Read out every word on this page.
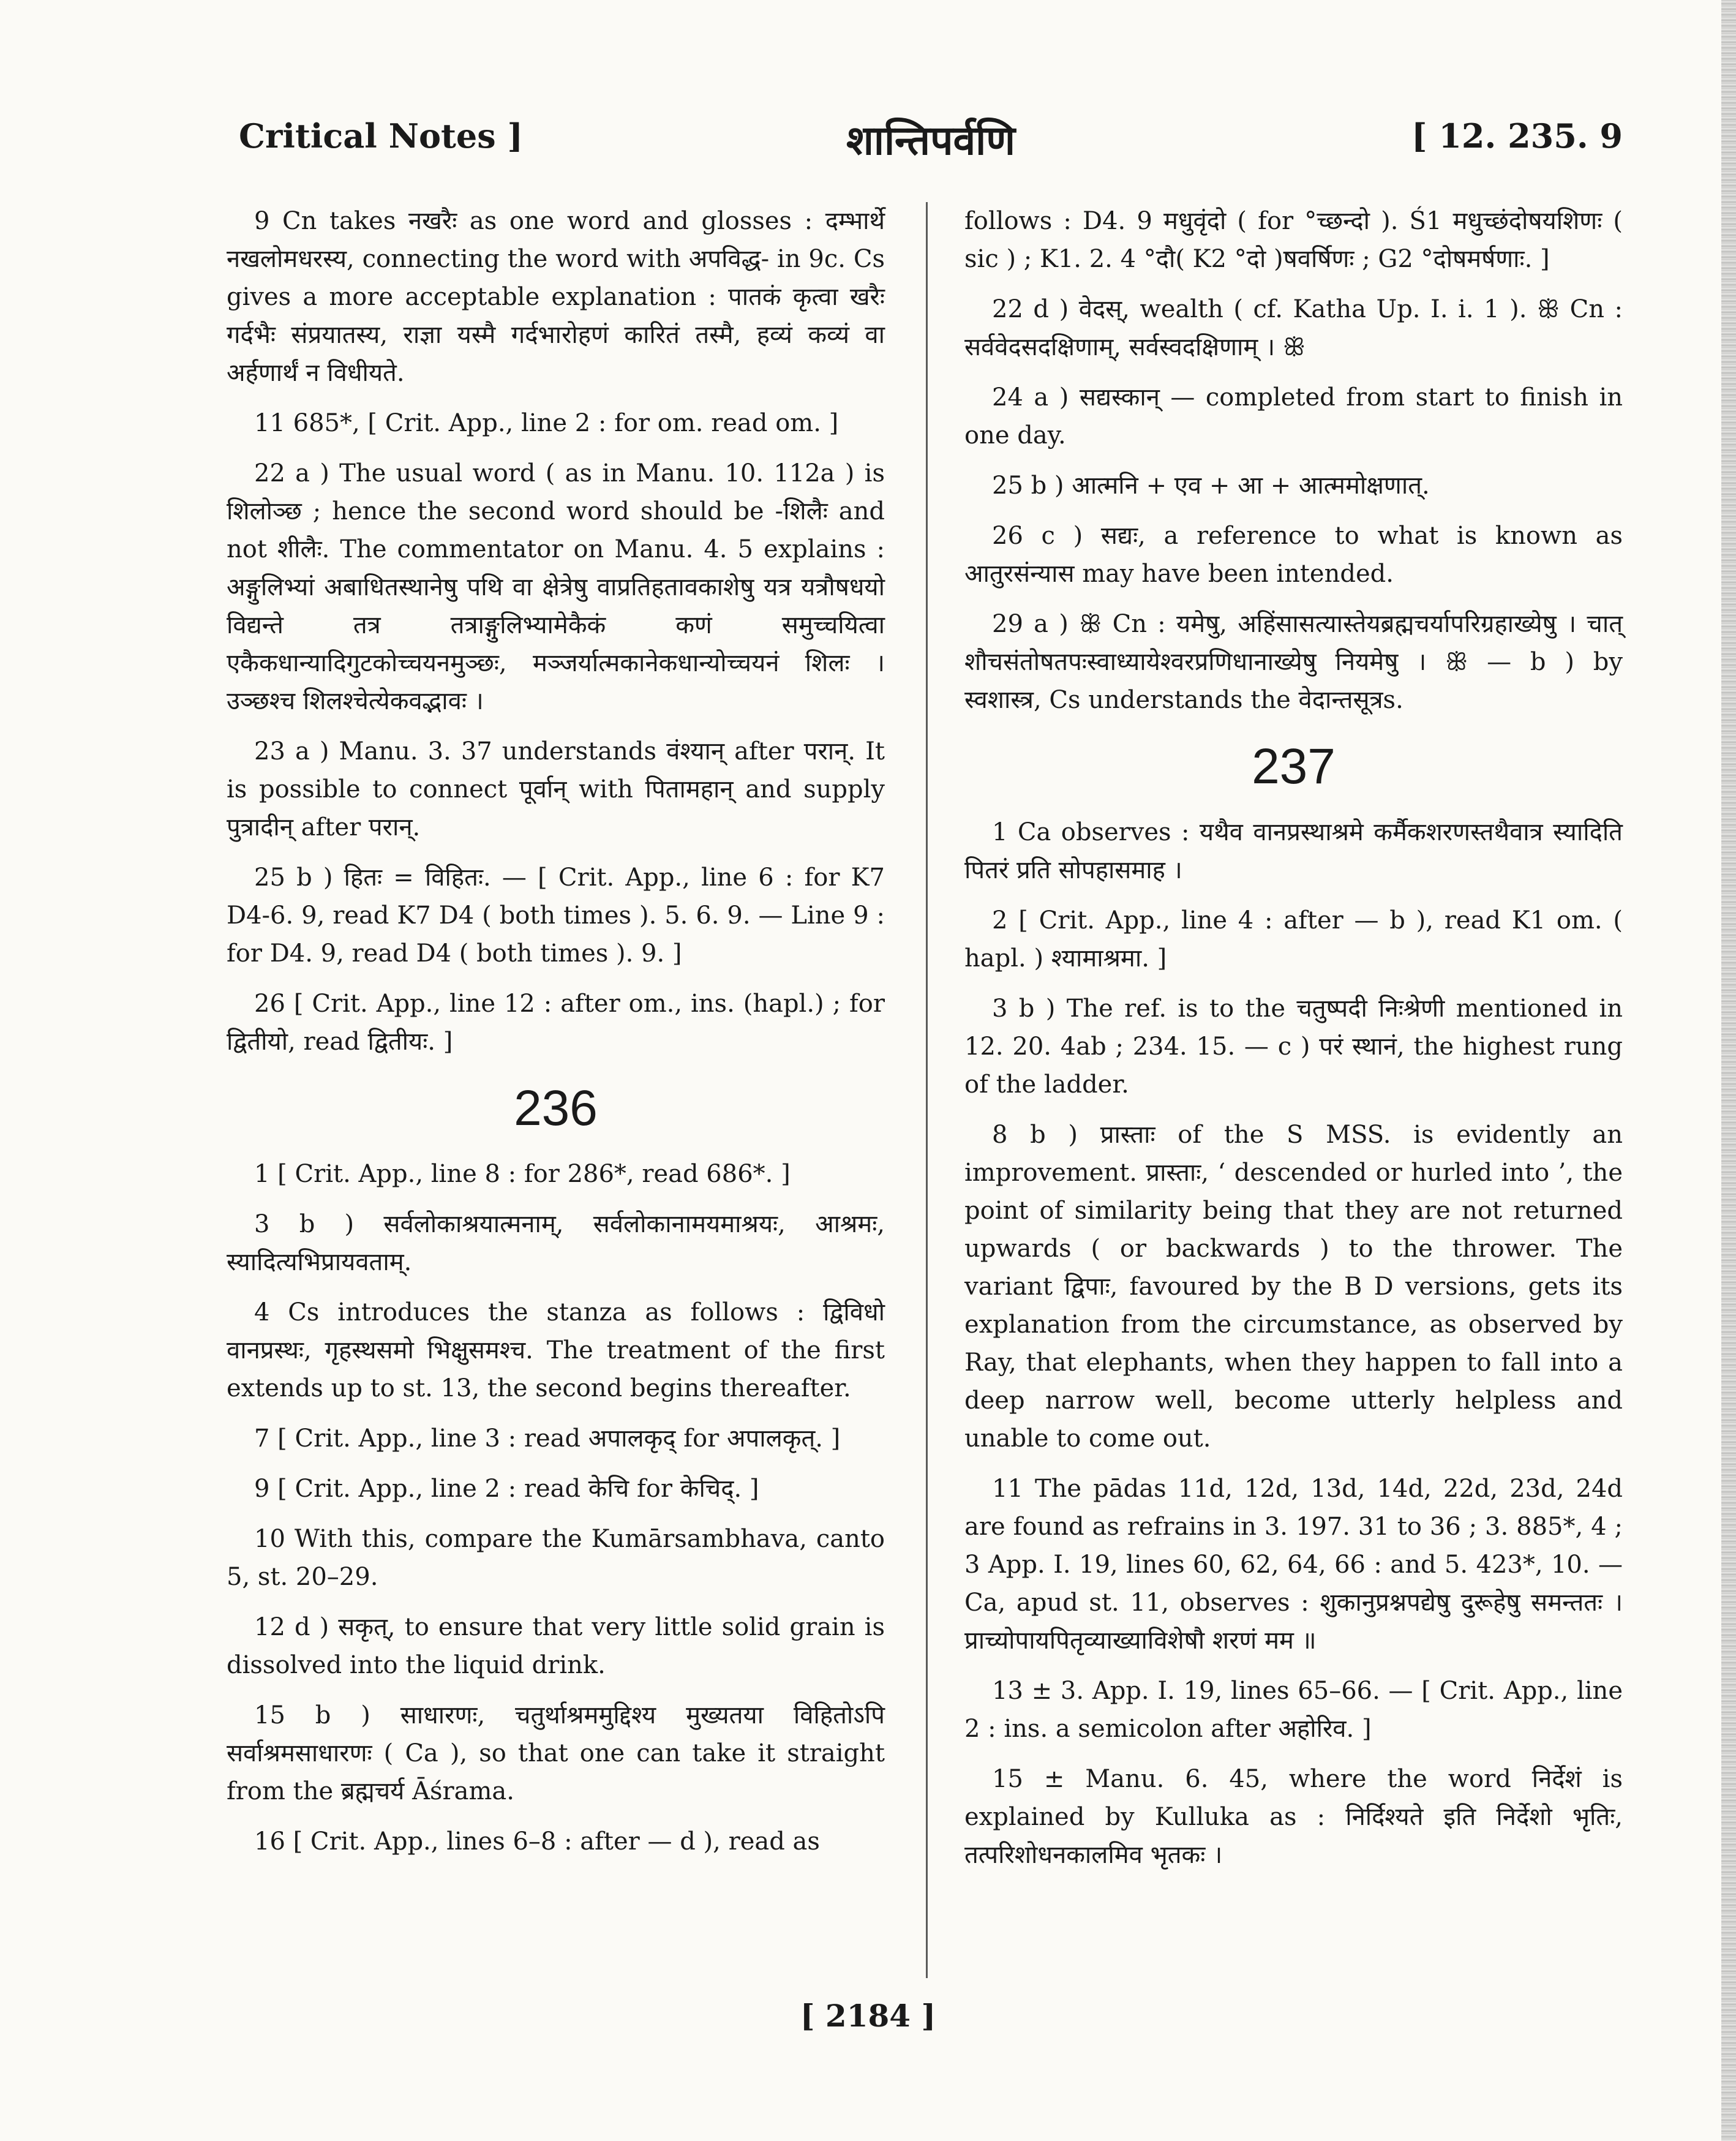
Critical Notes ]	शान्तिपर्वणि	[ 12. 235. 9

9 Cn takes नखरैः as one word and glosses : दम्भार्थे नखलोमधरस्य, connecting the word with अपविद्ध- in 9c. Cs gives a more acceptable explanation : पातकं कृत्वा खरैः गर्दभैः संप्रयातस्य, राज्ञा यस्मै गर्दभारोहणं कारितं तस्मै, हव्यं कव्यं वा अर्हणार्थं न विधीयते.

11 685*, [ Crit. App., line 2 : for om. read om. ]

22 a ) The usual word ( as in Manu. 10. 112a ) is शिलोञ्छ ; hence the second word should be -शिलैः and not शीलैः. The commentator on Manu. 4. 5 explains : अङ्गुलिभ्यां अबाधितस्थानेषु पथि वा क्षेत्रेषु वाप्रतिहतावकाशेषु यत्र यत्रौषधयो विद्यन्ते तत्र तत्राङ्गुलिभ्यामेकैकं कणं समुच्चयित्वा एकैकधान्यादिगुटकोच्चयनमुञ्छः, मञ्जर्यात्मकानेकधान्योच्चयनं शिलः । उञ्छश्च शिलश्चेत्येकवद्भावः ।

23 a ) Manu. 3. 37 understands वंश्यान् after परान्. It is possible to connect पूर्वान् with पितामहान् and supply पुत्रादीन् after परान्.

25 b ) हितः = विहितः. — [ Crit. App., line 6 : for K7 D4-6. 9, read K7 D4 ( both times ). 5. 6. 9. — Line 9 : for D4. 9, read D4 ( both times ). 9. ]

26 [ Crit. App., line 12 : after om., ins. (hapl.) ; for द्वितीयो, read द्वितीयः. ]

236

1 [ Crit. App., line 8 : for 286*, read 686*. ]

3 b ) सर्वलोकाश्रयात्मनाम्, सर्वलोकानामयमाश्रयः, आश्रमः, स्यादित्यभिप्रायवताम्.

4 Cs introduces the stanza as follows : द्विविधो वानप्रस्थः, गृहस्थसमो भिक्षुसमश्च. The treatment of the first extends up to st. 13, the second begins thereafter.

7 [ Crit. App., line 3 : read अपालकृद् for अपालकृत्. ]

9 [ Crit. App., line 2 : read केचि for केचिद्. ]

10 With this, compare the Kumārsambhava, canto 5, st. 20–29.

12 d ) सकृत्, to ensure that very little solid grain is dissolved into the liquid drink.

15 b ) साधारणः, चतुर्थाश्रममुद्दिश्य मुख्यतया विहितोऽपि सर्वाश्रमसाधारणः ( Ca ), so that one can take it straight from the ब्रह्मचर्य Āśrama.

16 [ Crit. App., lines 6–8 : after — d ), read as

follows : D4. 9 मधुवृंदो ( for °च्छन्दो ). Ś1 मधुच्छंदोषयशिणः ( sic ) ; K1. 2. 4 °दौ( K2 °दो )षवर्षिणः ; G2 °दोषमर्षणाः. ]

22 d ) वेदस्, wealth ( cf. Katha Up. I. i. 1 ). ꕥ Cn : सर्ववेदसदक्षिणाम्, सर्वस्वदक्षिणाम् । ꕥ

24 a ) सद्यस्कान् — completed from start to finish in one day.

25 b ) आत्मनि + एव + आ + आत्ममोक्षणात्.

26 c ) सद्यः, a reference to what is known as आतुरसंन्यास may have been intended.

29 a ) ꕥ Cn : यमेषु, अहिंसासत्यास्तेयब्रह्मचर्यापरिग्रहाख्येषु । चात् शौचसंतोषतपःस्वाध्यायेश्वरप्रणिधानाख्येषु नियमेषु । ꕥ — b ) by स्वशास्त्र, Cs understands the वेदान्तसूत्रs.

237

1 Ca observes : यथैव वानप्रस्थाश्रमे कर्मैकशरणस्तथैवात्र स्यादिति पितरं प्रति सोपहासमाह ।

2 [ Crit. App., line 4 : after — b ), read K1 om. ( hapl. ) श्यामाश्रमा. ]

3 b ) The ref. is to the चतुष्पदी निःश्रेणी mentioned in 12. 20. 4ab ; 234. 15. — c ) परं स्थानं, the highest rung of the ladder.

8 b ) प्रास्ताः of the S MSS. is evidently an improvement. प्रास्ताः, ‘ descended or hurled into ’, the point of similarity being that they are not returned upwards ( or backwards ) to the thrower. The variant द्विपाः, favoured by the B D versions, gets its explanation from the circumstance, as observed by Ray, that elephants, when they happen to fall into a deep narrow well, become utterly helpless and unable to come out.

11 The pādas 11d, 12d, 13d, 14d, 22d, 23d, 24d are found as refrains in 3. 197. 31 to 36 ; 3. 885*, 4 ; 3 App. I. 19, lines 60, 62, 64, 66 : and 5. 423*, 10. — Ca, apud st. 11, observes : शुकानुप्रश्नपद्येषु दुरूहेषु समन्ततः । प्राच्योपायपितृव्याख्याविशेषौ शरणं मम ॥

13 ± 3. App. I. 19, lines 65–66. — [ Crit. App., line 2 : ins. a semicolon after अहोरिव. ]

15 ± Manu. 6. 45, where the word निर्देशं is explained by Kulluka as : निर्दिश्यते इति निर्देशो भृतिः, तत्परिशोधनकालमिव भृतकः ।

[ 2184 ]
